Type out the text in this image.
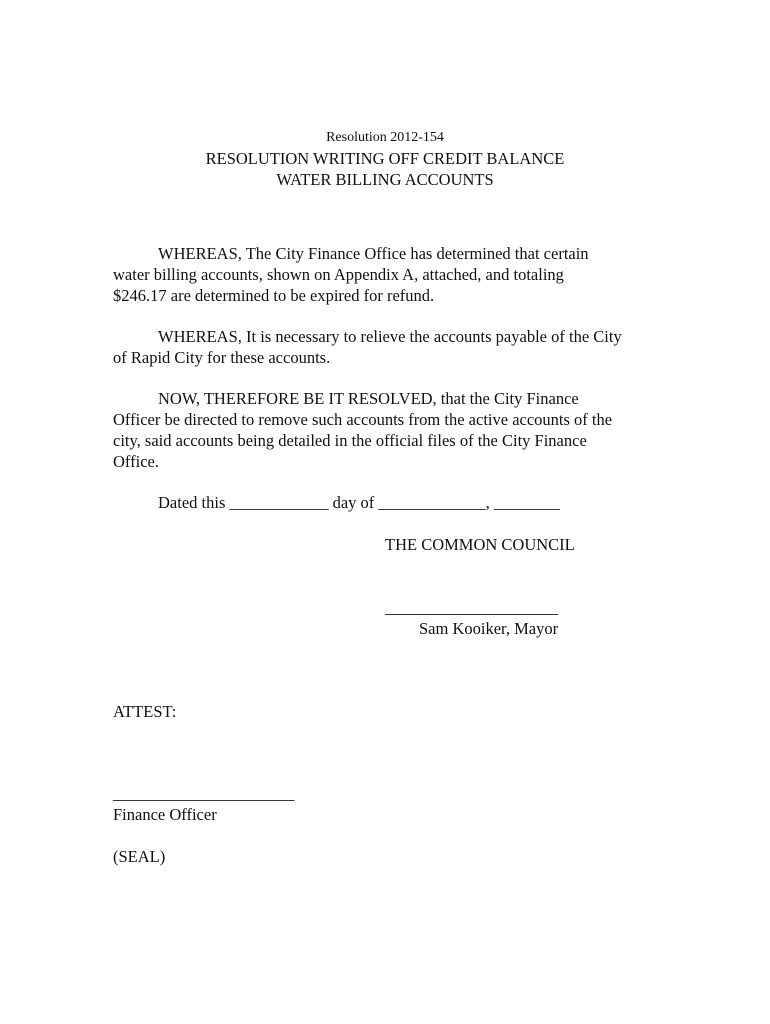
Resolution 2012-154
RESOLUTION WRITING OFF CREDIT BALANCE
WATER BILLING ACCOUNTS
WHEREAS, The City Finance Office has determined that certain
water billing accounts, shown on Appendix A, attached, and totaling
$246.17 are determined to be expired for refund.
WHEREAS, It is necessary to relieve the accounts payable of the City
of Rapid City for these accounts.
NOW, THEREFORE BE IT RESOLVED, that the City Finance
Officer be directed to remove such accounts from the active accounts of the
city, said accounts being detailed in the official files of the City Finance
Office.
Dated this ____________ day of _____________, ________
THE COMMON COUNCIL
_____________________
Sam Kooiker, Mayor
ATTEST:
______________________
Finance Officer
(SEAL)
